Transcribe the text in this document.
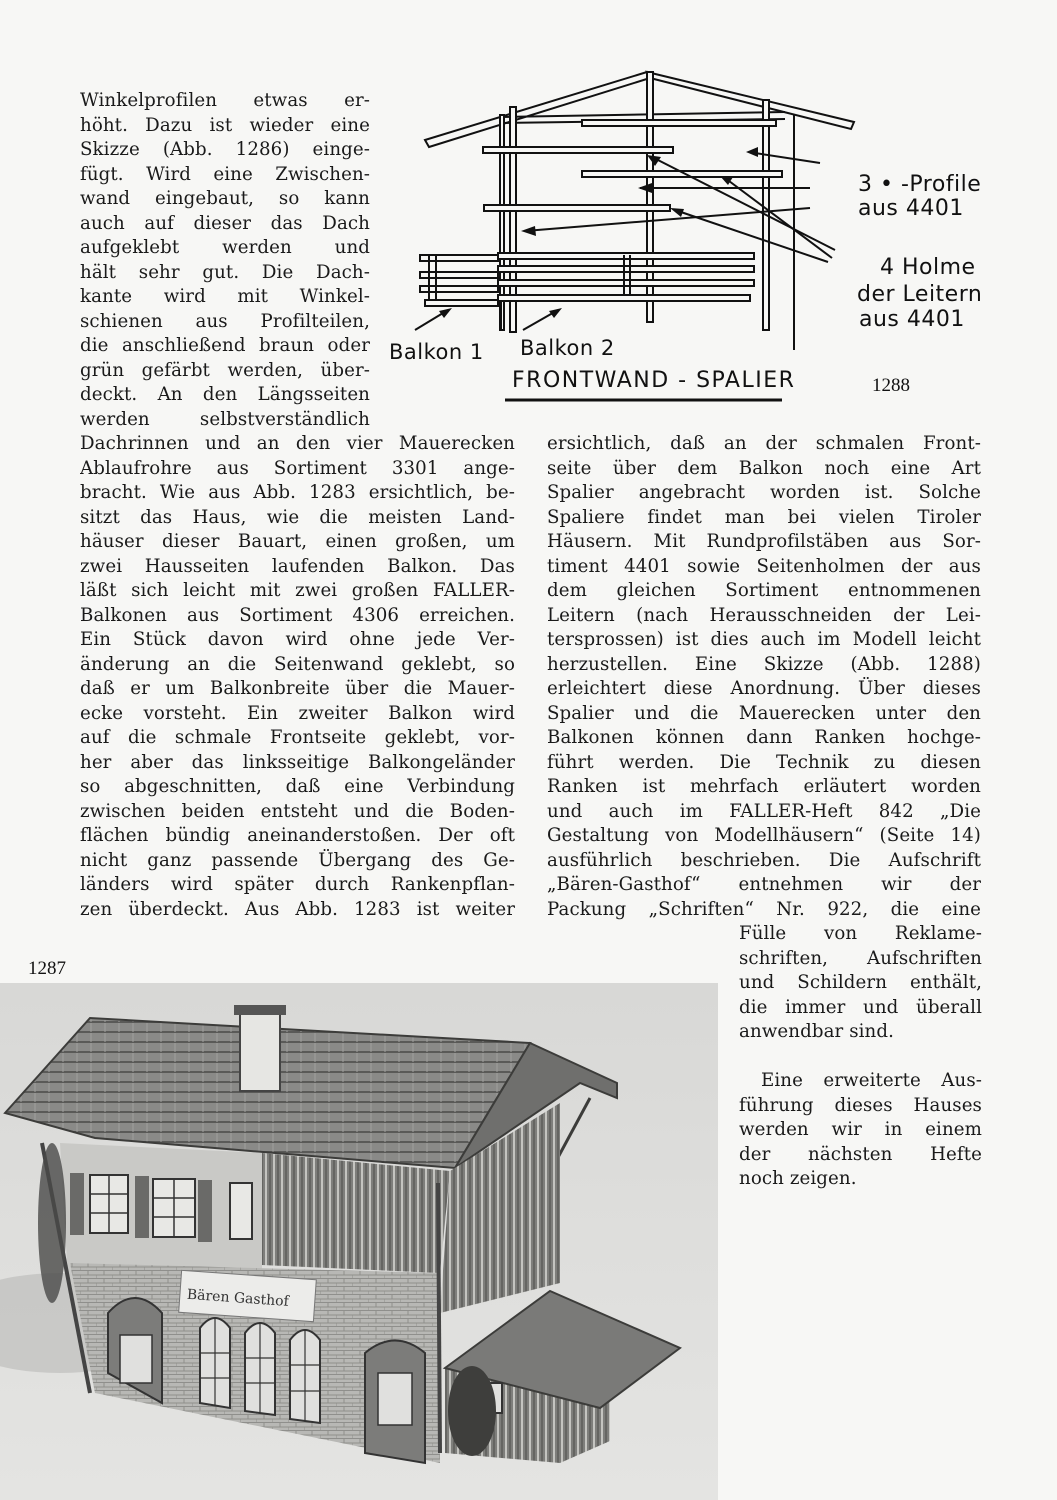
Balkon 1 Balkon 2
FRONTWAND - SPALIER
3 • -Profile
aus 4401
4 Holme
der Leitern
aus 4401
1288
Winkelprofilen etwas er-
höht. Dazu ist wieder eine
Skizze (Abb. 1286) einge-
fügt. Wird eine Zwischen-
wand eingebaut, so kann
auch auf dieser das Dach
aufgeklebt werden und
hält sehr gut. Die Dach-
kante wird mit Winkel-
schienen aus Profilteilen,
die anschließend braun oder
grün gefärbt werden, über-
deckt. An den Längsseiten
werden selbstverständlich
Dachrinnen und an den vier Mauerecken
Ablaufrohre aus Sortiment 3301 ange-
bracht. Wie aus Abb. 1283 ersichtlich, be-
sitzt das Haus, wie die meisten Land-
häuser dieser Bauart, einen großen, um
zwei Hausseiten laufenden Balkon. Das
läßt sich leicht mit zwei großen FALLER-
Balkonen aus Sortiment 4306 erreichen.
Ein Stück davon wird ohne jede Ver-
änderung an die Seitenwand geklebt, so
daß er um Balkonbreite über die Mauer-
ecke vorsteht. Ein zweiter Balkon wird
auf die schmale Frontseite geklebt, vor-
her aber das linksseitige Balkongeländer
so abgeschnitten, daß eine Verbindung
zwischen beiden entsteht und die Boden-
flächen bündig aneinanderstoßen. Der oft
nicht ganz passende Übergang des Ge-
länders wird später durch Rankenpflan-
zen überdeckt. Aus Abb. 1283 ist weiter
ersichtlich, daß an der schmalen Front-
seite über dem Balkon noch eine Art
Spalier angebracht worden ist. Solche
Spaliere findet man bei vielen Tiroler
Häusern. Mit Rundprofilstäben aus Sor-
timent 4401 sowie Seitenholmen der aus
dem gleichen Sortiment entnommenen
Leitern (nach Herausschneiden der Lei-
tersprossen) ist dies auch im Modell leicht
herzustellen. Eine Skizze (Abb. 1288)
erleichtert diese Anordnung. Über dieses
Spalier und die Mauerecken unter den
Balkonen können dann Ranken hochge-
führt werden. Die Technik zu diesen
Ranken ist mehrfach erläutert worden
und auch im FALLER-Heft 842 „Die
Gestaltung von Modellhäusern“ (Seite 14)
ausführlich beschrieben. Die Aufschrift
„Bären-Gasthof“ entnehmen wir der
Packung „Schriften“ Nr. 922, die eine
Fülle von Reklame-
schriften, Aufschriften
und Schildern enthält,
die immer und überall
anwendbar sind.
Eine erweiterte Aus-
führung dieses Hauses
werden wir in einem
der nächsten Hefte
noch zeigen.
1287
Bären Gasthof
